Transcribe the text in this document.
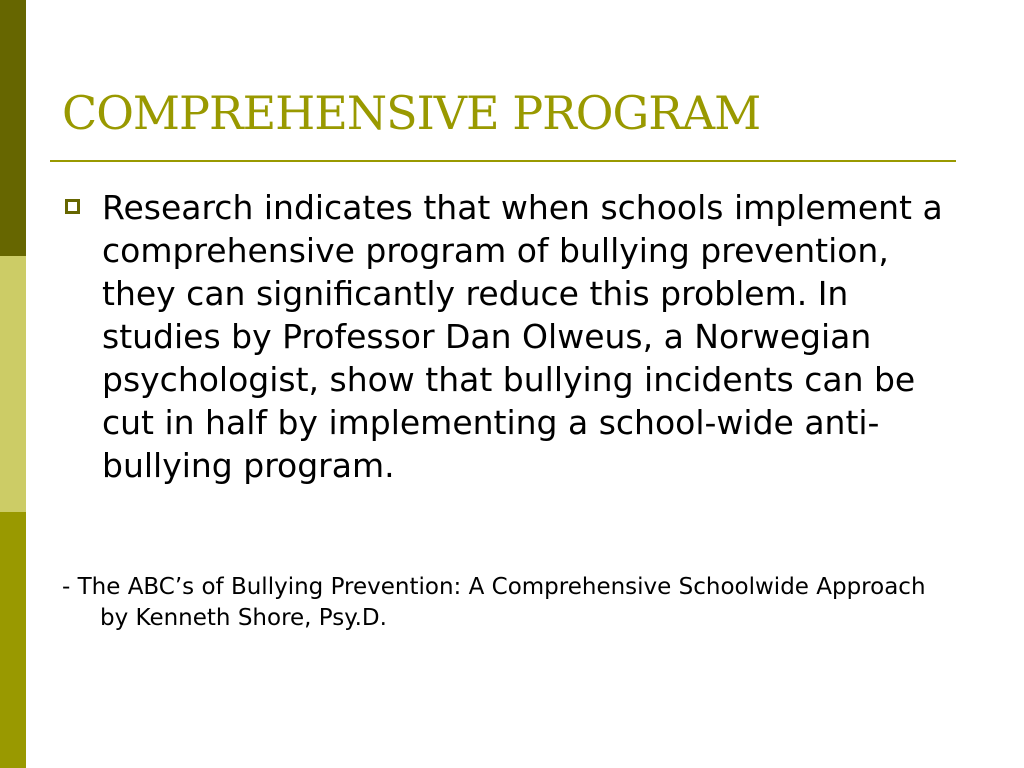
COMPREHENSIVE PROGRAM
Research indicates that when schools implement a comprehensive program of bullying prevention, they can significantly reduce this problem. In studies by Professor Dan Olweus, a Norwegian psychologist, show that bullying incidents can be cut in half by implementing a school-wide anti-bullying program.

- The ABC’s of Bullying Prevention: A Comprehensive Schoolwide Approach by Kenneth Shore, Psy.D.
